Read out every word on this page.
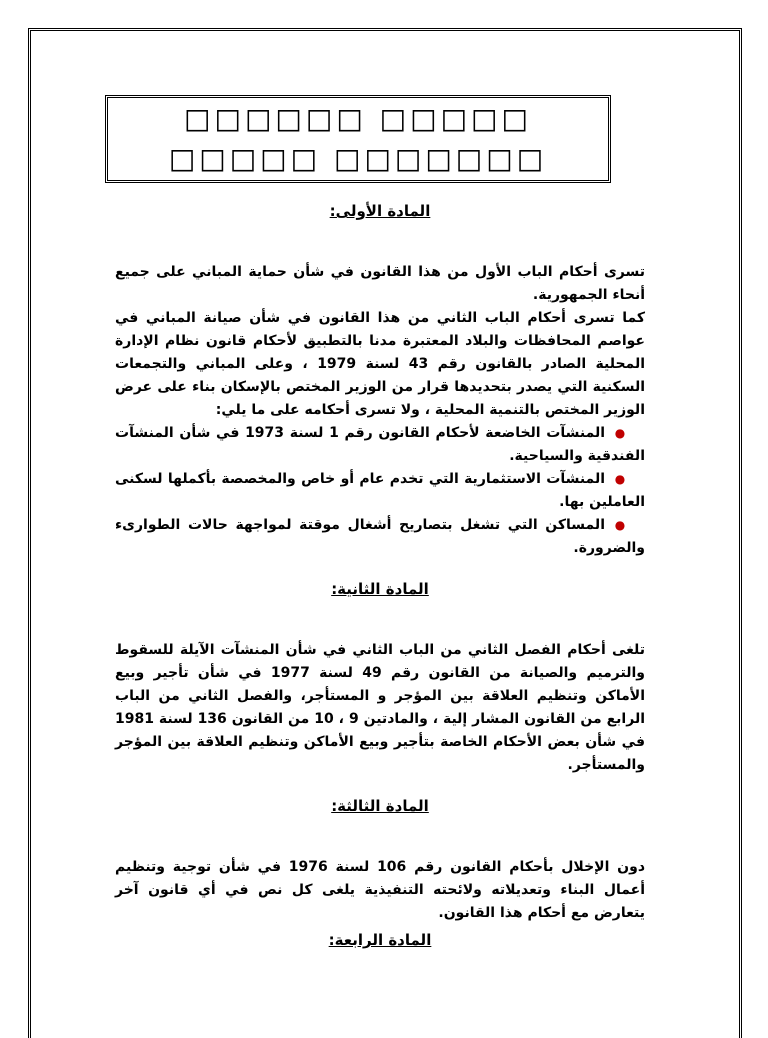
□□□□□□ □□□□□ □□□□□ □□□□□□□
المادة الأولى:

تسرى أحكام الباب الأول من هذا القانون في شأن حماية المباني على جميع أنحاء الجمهورية.

كما تسرى أحكام الباب الثاني من هذا القانون في شأن صيانة المباني في عواصم المحافظات والبلاد المعتبرة مدنا بالتطبيق لأحكام قانون نظام الإدارة المحلية الصادر بالقانون رقم 43 لسنة 1979 ، وعلى المباني والتجمعات السكنية التي يصدر بتحديدها قرار من الوزير المختص بالإسكان بناء على عرض الوزير المختص بالتنمية المحلية ، ولا تسرى أحكامه على ما يلي:

●المنشآت الخاضعة لأحكام القانون رقم 1 لسنة 1973 في شأن المنشآت الفندقية والسياحية.
●المنشآت الاستثمارية التي تخدم عام أو خاص والمخصصة بأكملها لسكنى العاملين بها.
●المساكن التي تشغل بتصاريح أشغال موقتة لمواجهة حالات الطوارىء والضرورة.
المادة الثانية:

تلغى أحكام الفصل الثاني من الباب الثاني في شأن المنشآت الآيلة للسقوط والترميم والصيانة من القانون رقم 49 لسنة 1977 في شأن تأجير وبيع الأماكن وتنظيم العلاقة بين المؤجر و المستأجر، والفصل الثاني من الباب الرابع من القانون المشار إلية ، والمادتين 9 ، 10 من القانون 136 لسنة 1981 في شأن بعض الأحكام الخاصة بتأجير وبيع الأماكن وتنظيم العلاقة بين المؤجر والمستأجر.

المادة الثالثة:

دون الإخلال بأحكام القانون رقم 106 لسنة 1976 في شأن توجية وتنظيم أعمال البناء وتعديلاته ولائحته التنفيذية يلغى كل نص في أي قانون آخر يتعارض مع أحكام هذا القانون.

المادة الرابعة:
